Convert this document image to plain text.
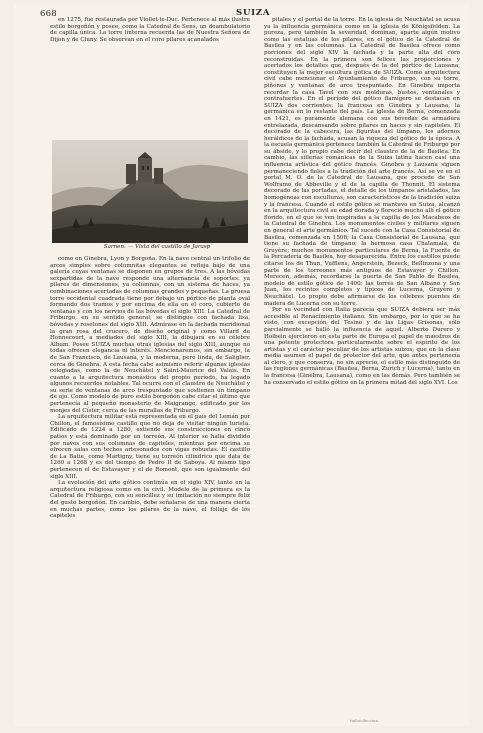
668	SUIZA

en 1275, fué restaurada por Viollet-le-Duc. Pertenece al más ilustre estilo borgoñón y posee, como la Catedral de Sens, un deambulatorio de capilla única. La torre linterna recuerda las de Nuestra Señora de Dijon y de Cluny. Se observan en el coro pilares acanalados

Sarnen. — Vista del castillo de Jarasp

como en Ginebra, Lyon y Borgoña. En la nave central un trifolio de arcos simples sobre columnitas elegantes se refleja bajo de una galería cuyas ventanas se disponen en grupos de tres. A las bóvedas sexpartidas de la nave responde una alternancia de soportes: ya pilares de dimensiones, ya columnas, con un sistema de haces, ya combinaciones acertadas de columnas grandes y pequeñas. La gruesa torre occidental cuadrada tiene por debajo un pórtico de planta oval formando dos tramos y por encima de ella en el coro, cubierto de ventanas y con los nervios de las bóvedas el siglo XIII. La Catedral de Friburgo, en su sentido general, se distingue con fachada lisa, bóvedas y rosetones del siglo XIII. Admírase en la fachada meridional la gran rosa del crucero, de diseño original y como Villard de Honnecourt, a mediados del siglo XIII, la dibujara en su célebre Album. Posee SUIZA muchas otras iglesias del siglo XIII, aunque no todas ofrecen elegancia ni interés. Mencionaremos, sin embargo, la de San Francisco, de Lausana, y la moderna, pero linda, de Saliglier, cerca de Ginebra. A esta fecha cabe asimismo referir algunas iglesias colegiadas, como la de Neuchâtel y Saint-Maurice del Valais. En cuanto a la arquitectura monástica del propio período, ha legado algunos recuerdos notables. Tal ocurre con el claustro de Neuchâtel y su serie de ventanas de arco trespuntado que sostienen un tímpano de ojo. Como modelo de puro estilo borgoñón cabe citar el último que pertenecía al pequeño monasterio de Maigrange, edificado por los monjes del Císter, cerca de las murallas de Friburgo.

La arquitectura militar está representada en el país del Lemán por Chillon, el famosísimo castillo que no deja de visitar ningún turista. Edificado de 1224 a 1280, extiende sus construcciones en cinco patios y está dominado por un torreón. Al interior se halla dividido por naves con sus columnas de capiteles, mientras por encima se ofrecen salas con techos artesonados con vigas robustas. El castillo de La Batie, como Martigny, tiene su torreón cilíndrico que data de 1260 a 1268 y es del tiempo de Pedro II de Saboya. Al mismo tipo pertenecen el de Estavayer y el de Romont, que son igualmente del siglo XIII.

La evolución del arte gótico continúa en el siglo XIV, tanto en la arquitectura religiosa como en la civil. Modelo de la primera es la Catedral de Friburgo, con su sencillez y su imitación no siempre feliz del gusto borgoñón. En cambio, debe señalarse de una manera cierta en muchas partes, como los pilares de la nave, el follaje de los capiteles

pitales y el portal de la torre. En la iglesia de Neuchâtel se acusa ya la influencia germánica como en la iglesia de Königsfelden. La pureza, pero también la severidad, dominan, aparte algún motivo como las estatuas de los pilares, en el gótico de la Catedral de Basilea y en las columnas. La Catedral de Basilea ofrece como porciones del siglo XIV la fachada y la parte alta del coro reconstruidas. En la primera son felices las proporciones y acertados los detalles que, después de la del pórtico de Lausana, constituyen la mejor escultura gótica de SUIZA. Como arquitectura civil cabe mencionar el Ayuntamiento de Friburgo, con su torre, piñones y ventanas de arco trespuntado. En Ginebra importa recordar la casa Tavel con sus molduras, bustos, ventanales y contrafuertes. En el período del gótico flamígero se destacan en SUIZA dos corrientes: la francesa en Ginebra y Lausana, la germánica en lo restante del país. La iglesia de Berna, comenzada en 1421, es puramente alemana con sus bóvedas de armadura entrelazada, descansando sobre pilares en haces y sin capiteles. El decorado de la cabecera, las figuritas del tímpano, los adornos heráldicos de la fachada, acusan la riqueza del gótico de la época. A la escuela germánica pertenece también la Catedral de Friburgo por su ábside, y lo propio cabe decir del claustro de la de Basilea. En cambio, las sillerías románicas de la Suiza latina hacen casi una influencia artística del gótico francés. Ginebra y Lausana siguen permaneciendo fieles a la tradición del arte francés. Así se ve en el portal M. O. de la Catedral de Lausana, que procede de San Wolframo de Abbeville y el de la capilla de Thonnit. El sistema decorado de las portadas, el detalle de los tímpanos aristalados, las homogéneas con esculturas, son característicos de la tradición suiza y la francesa. Cuando el estilo gótico se mantuvo en Suiza, alcanzó en la arquitectura civil su edad dorada y floreció mucho allí el gótico florido, en el que se ven inspiradas a la capilla de los Macabeos de la Catedral de Ginebra. Los monumentos civiles y militares siguen en general el arte germánico. Tal sucede con la Casa Consistorial de Basilea, comenzada en 1508; la Casa Consistorial de Lausana, que tiene su fachada de tímpano; la hermosa casa Chalamala, de Gruyère; muchos monumentos particulares de Berna, la Fuente de la Percadería de Basilea, hoy desaparecida. Entre los castillos puede citarse los de Thun, Vufflens, Angerstein, Bezeck, Bellinzona y una parte de los torreones más antiguos de Estavayer y Chillon. Merecen, además, recordarse la puerta de San Pablo de Basilea, modelo de estilo gótico de 1400; las torres de San Albano y San Juan, los recintos completos y típicos de Lucerna, Gruyère y Neuchâtel. Lo propio debe afirmarse de los célebres puentes de madera de Lucerna con su torre.

Por su vecindad con Italia parecía que SUIZA debiera ser más accesible al Renacimiento italiano. Sin embargo, por lo que se ha visto, con excepción del Tesino y de las Ligas Grisonas, sólo parcialmente se halló la influencia de aquél. Alberto Durero y Holbein ejercieron en esta parte de Europa el papel de maestros de una potente protectora particularmente sobre el espíritu de los artistas y el carácter peculiar de los artistas suizos, que en la clase media asumen el papel de protector del arte, que antes pertenecía al clero, y que conserva, no sin aprecio, el estilo más distinguido de las regiones germánicas (Basilea, Berna, Zurich y Lucerna), tanto en la francesa (Ginebra, Lausana), como en las demás. Pero también se ha conservado el estilo gótico en la primera mitad del siglo XVI. Los

todocoleccion
